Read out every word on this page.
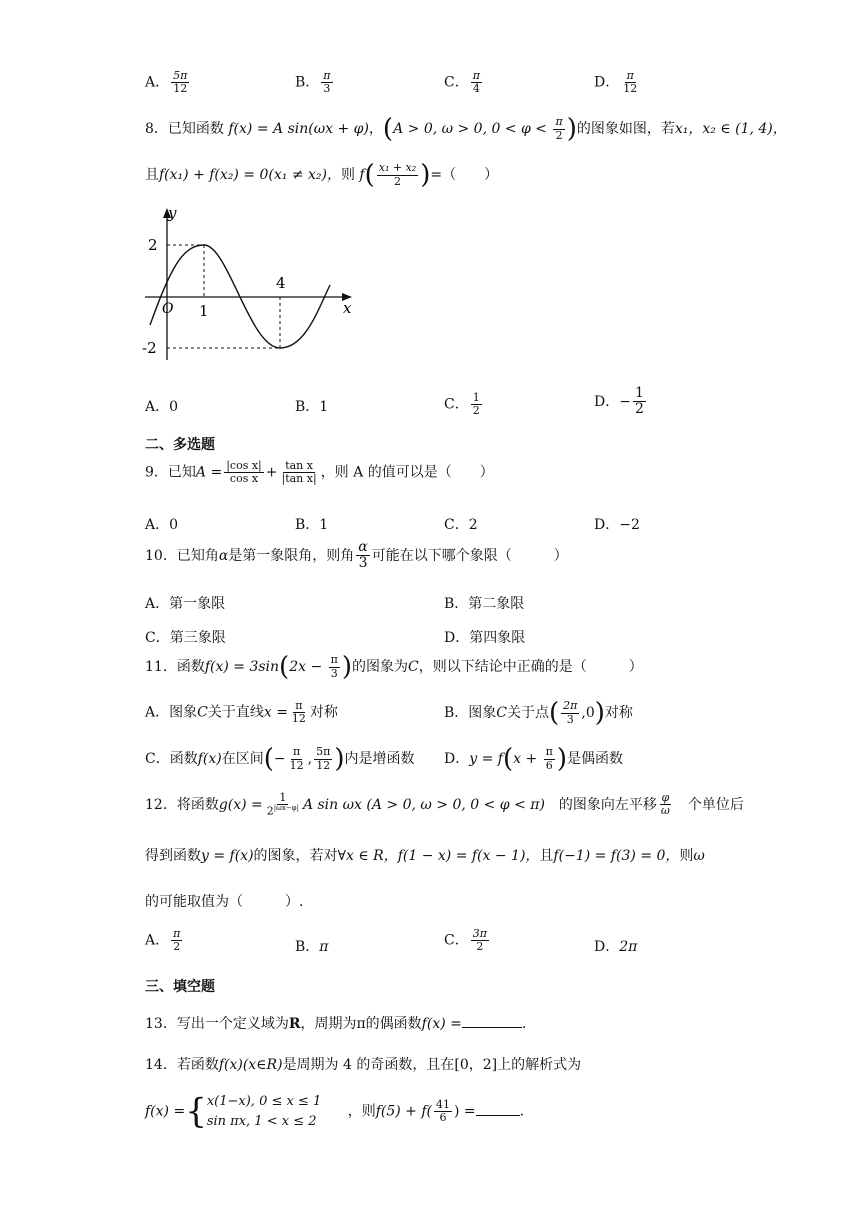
A． $\frac{5\pi}{12}$	B． $\frac{\pi}{3}$	C． $\frac{\pi}{4}$	D． $\frac{\pi}{12}$
8．已知函数 f(x) = A sin(ωx + φ)，(A > 0, ω > 0, $0 < \varphi < \frac{\pi}{2}$ )的图象如图，若x₁，x₂ ∈ (1, 4)，
且f(x₁) + f(x₂) = 0(x₁ ≠ x₂)，则 $f( \frac{\text{x₁ + x₂}}{2}$ )=（　　）
y
x
O
2
-2
1
4
A．0	B．1	C． $\frac{1}{2}$	D．− $\frac{1}{2}$
二、多选题
9．已知$A = \frac{\text{|cos x|}}{\text{cos x}} + \frac{\text{tan x}}{\text{|tan x|}}$ ，则 A 的值可以是（　　）
A．0	B．1	C．2	D．−2
10．已知角α是第一象限角，则角 $\frac{\alpha}{3}$ 可能在以下哪个象限（　　　）
A．第一象限	B．第二象限
C．第三象限	D．第四象限
11．函数$f(x) = 3\sin(2x - \frac{\pi}{3}$ )的图象为C，则以下结论中正确的是（　　　）
A．图象C关于直线$x = \frac{\pi}{12}$ 对称	B．图象C关于点( $\frac{2\pi}{3} ,0$)对称
C．函数f(x)在区间(− $\frac{\pi}{12}$ , $\frac{5\pi}{12}$ )内是增函数 D．$y = f(x + \frac{\pi}{6}$ )是偶函数
12．将函数$g(x) = \frac{1}{2^{|\omega x-\varphi|}}$ A sin ωx (A > 0, ω > 0, 0 < φ < π)　 的图象向左平移 $\frac{\varphi}{\omega}$
　 个单位后
得到函数y = f(x)的图象，若对∀x ∈ R，f(1 − x) = f(x − 1)，且f(−1) = f(3) = 0，则ω
的可能取值为（　　　）.
A． $\frac{\pi}{2}$	B．π	C． $\frac{3\pi}{2}$	D．2π
三、填空题
13．写出一个定义域为R，周期为π的偶函数f(x) =	.
14．若函数f(x)(x∈R)是周期为 4 的奇函数，且在[0，2]上的解析式为
f(x) ={ x(1−x), 0 ≤ x ≤ 1
sin πx, 1 < x ≤ 2
，则$f(5) + f( \frac{41}{6}$ ) =	.
